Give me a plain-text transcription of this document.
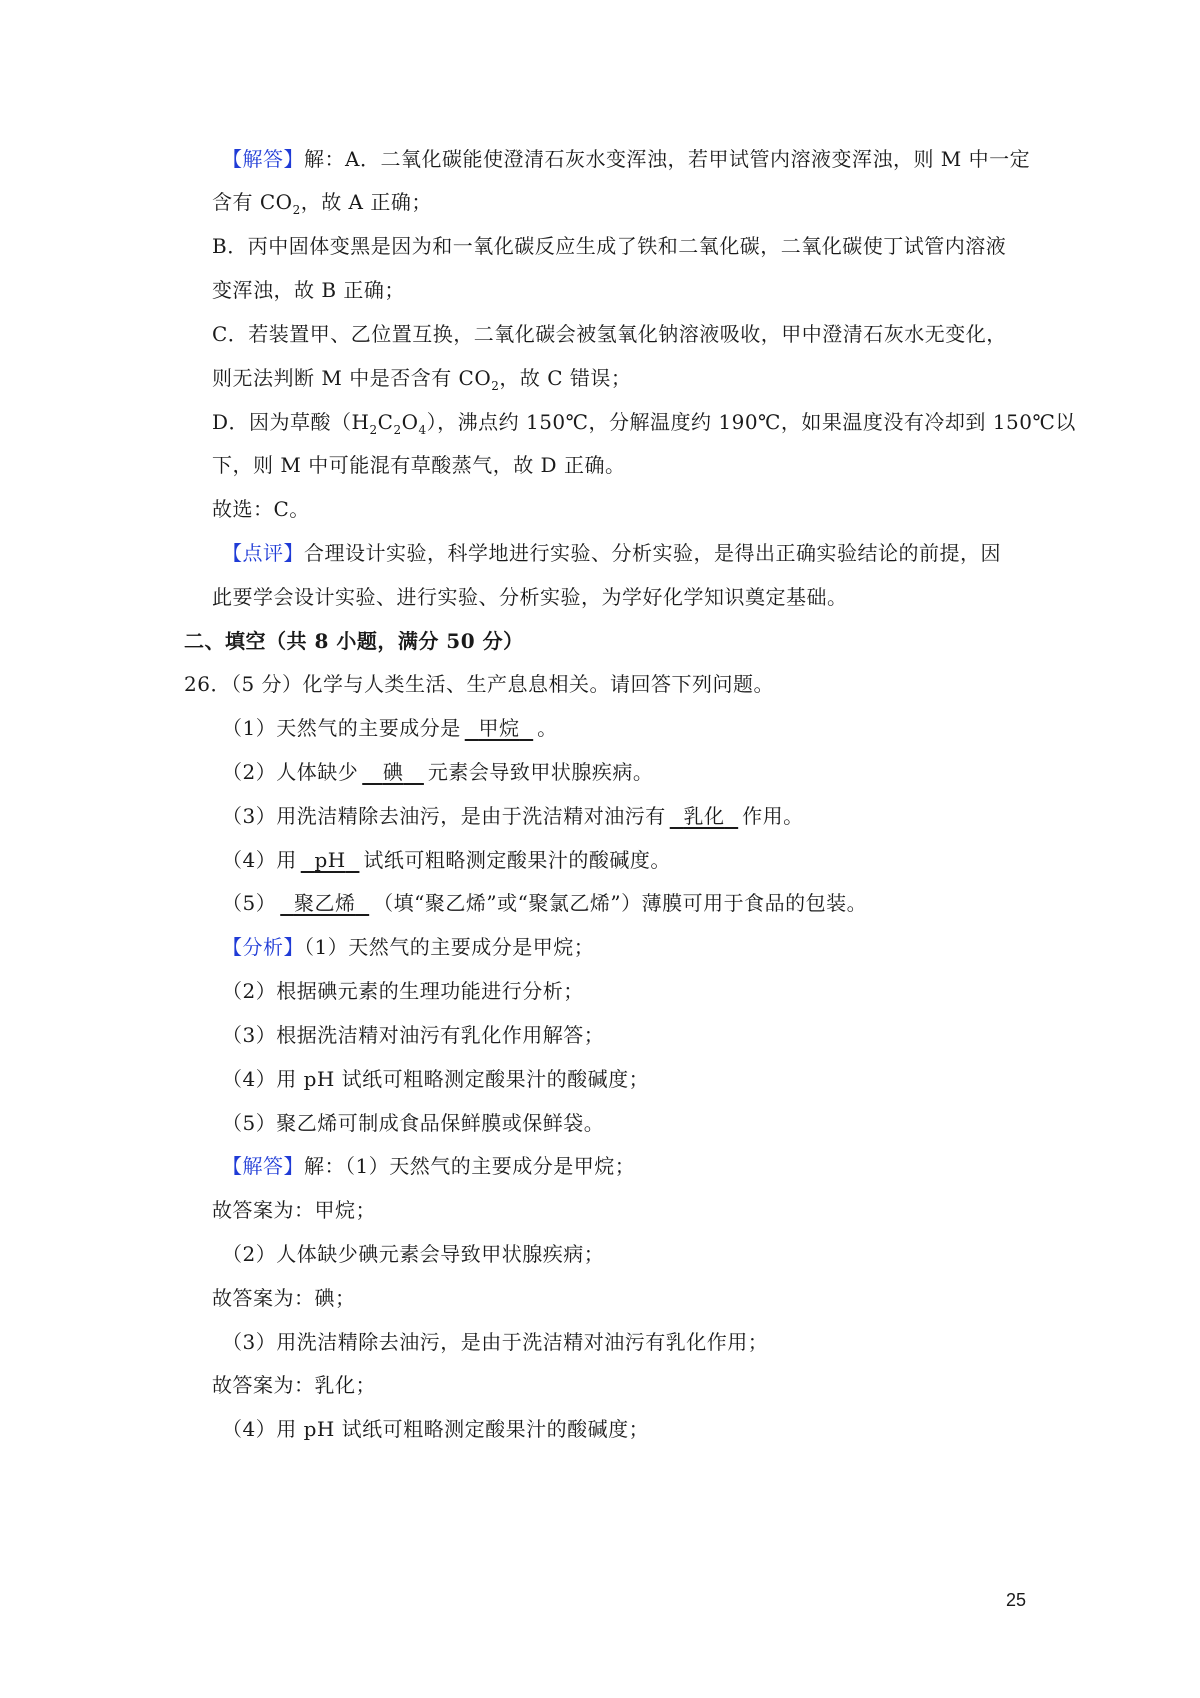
【解答】解：A．二氧化碳能使澄清石灰水变浑浊，若甲试管内溶液变浑浊，则 M 中一定
含有 $CO_2$，故 A 正确；
B．丙中固体变黑是因为和一氧化碳反应生成了铁和二氧化碳，二氧化碳使丁试管内溶液
变浑浊，故 B 正确；
C．若装置甲、乙位置互换，二氧化碳会被氢氧化钠溶液吸收，甲中澄清石灰水无变化，
则无法判断 M 中是否含有 $CO_2$，故 C 错误；
D．因为草酸$(H_2C_2O_4)$，沸点约 150℃，分解温度约 190℃，如果温度没有冷却到 150℃以
下，则 M 中可能混有草酸蒸气，故 D 正确。
故选：C。
【点评】合理设计实验，科学地进行实验、分析实验，是得出正确实验结论的前提，因
此要学会设计实验、进行实验、分析实验，为学好化学知识奠定基础。
二、填空（共 8 小题，满分 50 分）
26．（5 分）化学与人类生活、生产息息相关。请回答下列问题。
（1）天然气的主要成分是 甲烷 。
（2）人体缺少 碘 元素会导致甲状腺疾病。
（3）用洗洁精除去油污，是由于洗洁精对油污有 乳化 作用。
（4）用 pH 试纸可粗略测定酸果汁的酸碱度。
（5） 聚乙烯 （填“聚乙烯”或“聚氯乙烯”）薄膜可用于食品的包装。
【分析】（1）天然气的主要成分是甲烷；
（2）根据碘元素的生理功能进行分析；
（3）根据洗洁精对油污有乳化作用解答；
（4）用 pH 试纸可粗略测定酸果汁的酸碱度；
（5）聚乙烯可制成食品保鲜膜或保鲜袋。
【解答】解：（1）天然气的主要成分是甲烷；
故答案为：甲烷；
（2）人体缺少碘元素会导致甲状腺疾病；
故答案为：碘；
（3）用洗洁精除去油污，是由于洗洁精对油污有乳化作用；
故答案为：乳化；
（4）用 pH 试纸可粗略测定酸果汁的酸碱度；
25
